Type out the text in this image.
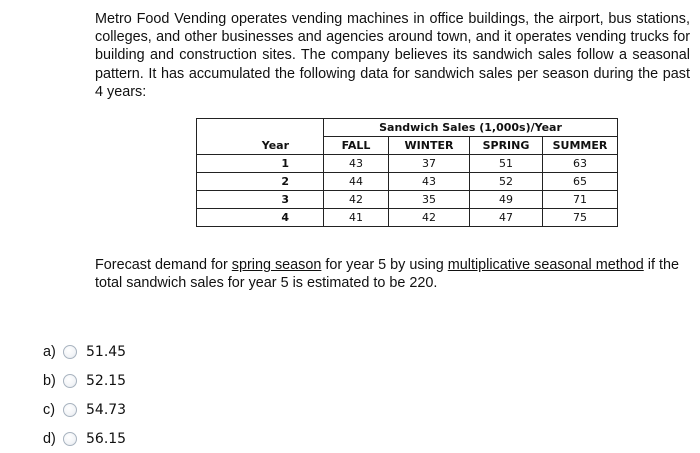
Metro Food Vending operates vending machines in office buildings, the airport, bus stations, colleges, and other businesses and agencies around town, and it operates vending trucks for building and construction sites. The company believes its sandwich sales follow a seasonal pattern. It has accumulated the following data for sandwich sales per season during the past 4 years:

	Sandwich Sales (1,000s)/Year			
Year	FALL	WINTER	SPRING	SUMMER
1	43	37	51	63
2	44	43	52	65
3	42	35	49	71
4	41	42	47	75

Forecast demand for spring season for year 5 by using multiplicative seasonal method if the total sandwich sales for year 5 is estimated to be 220.

a)	51.45
b)	52.15
c)	54.73
d)	56.15
